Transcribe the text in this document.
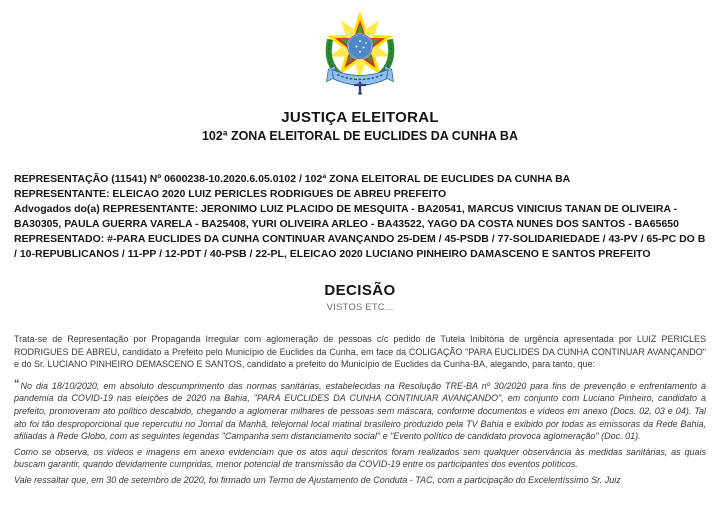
JUSTIÇA ELEITORAL
102ª ZONA ELEITORAL DE EUCLIDES DA CUNHA BA
REPRESENTAÇÃO (11541) Nº 0600238-10.2020.6.05.0102 / 102ª ZONA ELEITORAL DE EUCLIDES DA CUNHA BA
REPRESENTANTE: ELEICAO 2020 LUIZ PERICLES RODRIGUES DE ABREU PREFEITO
Advogados do(a) REPRESENTANTE: JERONIMO LUIZ PLACIDO DE MESQUITA - BA20541, MARCUS VINICIUS TANAN DE OLIVEIRA - BA30305, PAULA GUERRA VARELA - BA25408, YURI OLIVEIRA ARLEO - BA43522, YAGO DA COSTA NUNES DOS SANTOS - BA65650
REPRESENTADO: #-PARA EUCLIDES DA CUNHA CONTINUAR AVANÇANDO 25-DEM / 45-PSDB / 77-SOLIDARIEDADE / 43-PV / 65-PC DO B / 10-REPUBLICANOS / 11-PP / 12-PDT / 40-PSB / 22-PL, ELEICAO 2020 LUCIANO PINHEIRO DAMASCENO E SANTOS PREFEITO
DECISÃO
VISTOS ETC...
Trata-se de Representação por Propaganda Irregular com aglomeração de pessoas c/c pedido de Tutela Inibitória de urgência apresentada por LUIZ PERICLES RODRIGUES DE ABREU, candidato a Prefeito pelo Município de Euclides da Cunha, em face da COLIGAÇÃO "PARA EUCLIDES DA CUNHA CONTINUAR AVANÇANDO" e do Sr. LUCIANO PINHEIRO DEMASCENO E SANTOS, candidato a prefeito do Município de Euclides da Cunha-BA, alegando, para tanto, que:
“No dia 18/10/2020, em absoluto descumprimento das normas sanitárias, estabelecidas na Resolução TRE-BA nº 30/2020 para fins de prevenção e enfrentamento à pandemia da COVID-19 nas eleições de 2020 na Bahia, "PARA EUCLIDES DA CUNHA CONTINUAR AVANÇANDO", em conjunto com Luciano Pinheiro, candidato a prefeito, promoveram ato político descabido, chegando a aglomerar milhares de pessoas sem máscara, conforme documentos e vídeos em anexo (Docs. 02, 03 e 04). Tal ato foi tão desproporcional que repercutiu no Jornal da Manhã, telejornal local matinal brasileiro produzido pela TV Bahia e exibido por todas as emissoras da Rede Bahia, afiliadas à Rede Globo, com as seguintes legendas "Campanha sem distanciamento social" e "Evento político de candidato provoca aglomeração" (Doc. 01).
Como se observa, os vídeos e imagens em anexo evidenciam que os atos aqui descritos foram realizados sem qualquer observância às medidas sanitárias, as quais buscam garantir, quando devidamente cumpridas, menor potencial de transmissão da COVID-19 entre os participantes dos eventos políticos.
Vale ressaltar que, em 30 de setembro de 2020, foi firmado um Termo de Ajustamento de Conduta - TAC, com a participação do Excelentíssimo Sr. Juiz
